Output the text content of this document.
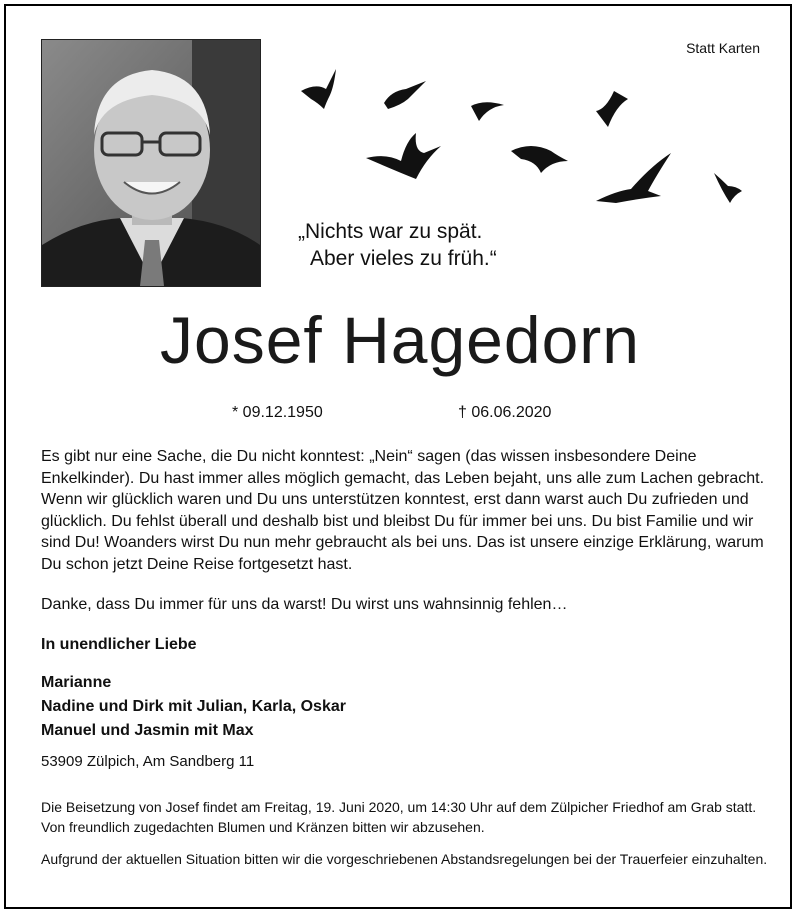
Statt Karten
„Nichts war zu spät.
Aber vieles zu früh.“
Josef Hagedorn
* 09.12.1950	† 06.06.2020

Es gibt nur eine Sache, die Du nicht konntest: „Nein“ sagen (das wissen insbesondere Deine Enkelkinder). Du hast immer alles möglich gemacht, das Leben bejaht, uns alle zum Lachen gebracht. Wenn wir glücklich waren und Du uns unterstützen konntest, erst dann warst auch Du zufrieden und glücklich. Du fehlst überall und deshalb bist und bleibst Du für immer bei uns. Du bist Familie und wir sind Du! Woanders wirst Du nun mehr gebraucht als bei uns. Das ist unsere einzige Erklärung, warum Du schon jetzt Deine Reise fortgesetzt hast.

Danke, dass Du immer für uns da warst! Du wirst uns wahnsinnig fehlen…
In unendlicher Liebe
Marianne
Nadine und Dirk mit Julian, Karla, Oskar
Manuel und Jasmin mit Max
53909 Zülpich, Am Sandberg 11
Die Beisetzung von Josef findet am Freitag, 19. Juni 2020, um 14:30 Uhr auf dem Zülpicher Friedhof am Grab statt. Von freundlich zugedachten Blumen und Kränzen bitten wir abzusehen.
Aufgrund der aktuellen Situation bitten wir die vorgeschriebenen Abstandsregelungen bei der Trauerfeier einzuhalten.
